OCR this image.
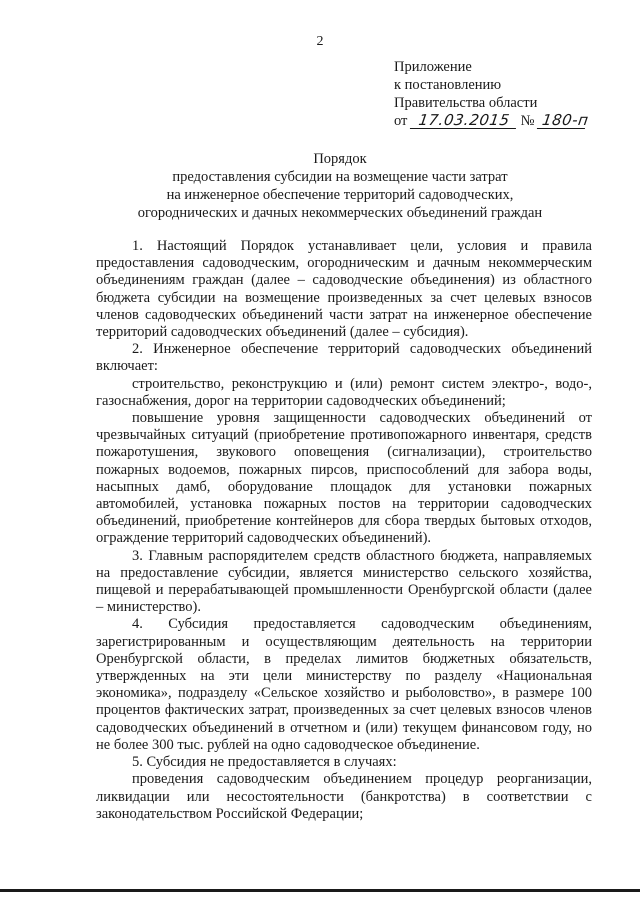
2
Приложение
к постановлению
Правительства области
от 17.03.2015 № 180-п
Порядок
предоставления субсидии на возмещение части затрат
на инженерное обеспечение территорий садоводческих,
огороднических и дачных некоммерческих объединений граждан

1. Настоящий Порядок устанавливает цели, условия и правила предоставления садоводческим, огородническим и дачным некоммерческим объединениям граждан (далее – садоводческие объединения) из областного бюджета субсидии на возмещение произведенных за счет целевых взносов членов садоводческих объединений части затрат на инженерное обеспечение территорий садоводческих объединений (далее – субсидия).

2. Инженерное обеспечение территорий садоводческих объединений включает:

строительство, реконструкцию и (или) ремонт систем электро-, водо-, газоснабжения, дорог на территории садоводческих объединений;

повышение уровня защищенности садоводческих объединений от чрезвычайных ситуаций (приобретение противопожарного инвентаря, средств пожаротушения, звукового оповещения (сигнализации), строительство пожарных водоемов, пожарных пирсов, приспособлений для забора воды, насыпных дамб, оборудование площадок для установки пожарных автомобилей, установка пожарных постов на территории садоводческих объединений, приобретение контейнеров для сбора твердых бытовых отходов, ограждение территорий садоводческих объединений).

3. Главным распорядителем средств областного бюджета, направляемых на предоставление субсидии, является министерство сельского хозяйства, пищевой и перерабатывающей промышленности Оренбургской области (далее – министерство).

4. Субсидия предоставляется садоводческим объединениям, зарегистрированным и осуществляющим деятельность на территории Оренбургской области, в пределах лимитов бюджетных обязательств, утвержденных на эти цели министерству по разделу «Национальная экономика», подразделу «Сельское хозяйство и рыболовство», в размере 100 процентов фактических затрат, произведенных за счет целевых взносов членов садоводческих объединений в отчетном и (или) текущем финансовом году, но не более 300 тыс. рублей на одно садоводческое объединение.

5. Субсидия не предоставляется в случаях:

проведения садоводческим объединением процедур реорганизации, ликвидации или несостоятельности (банкротства) в соответствии с законодательством Российской Федерации;
